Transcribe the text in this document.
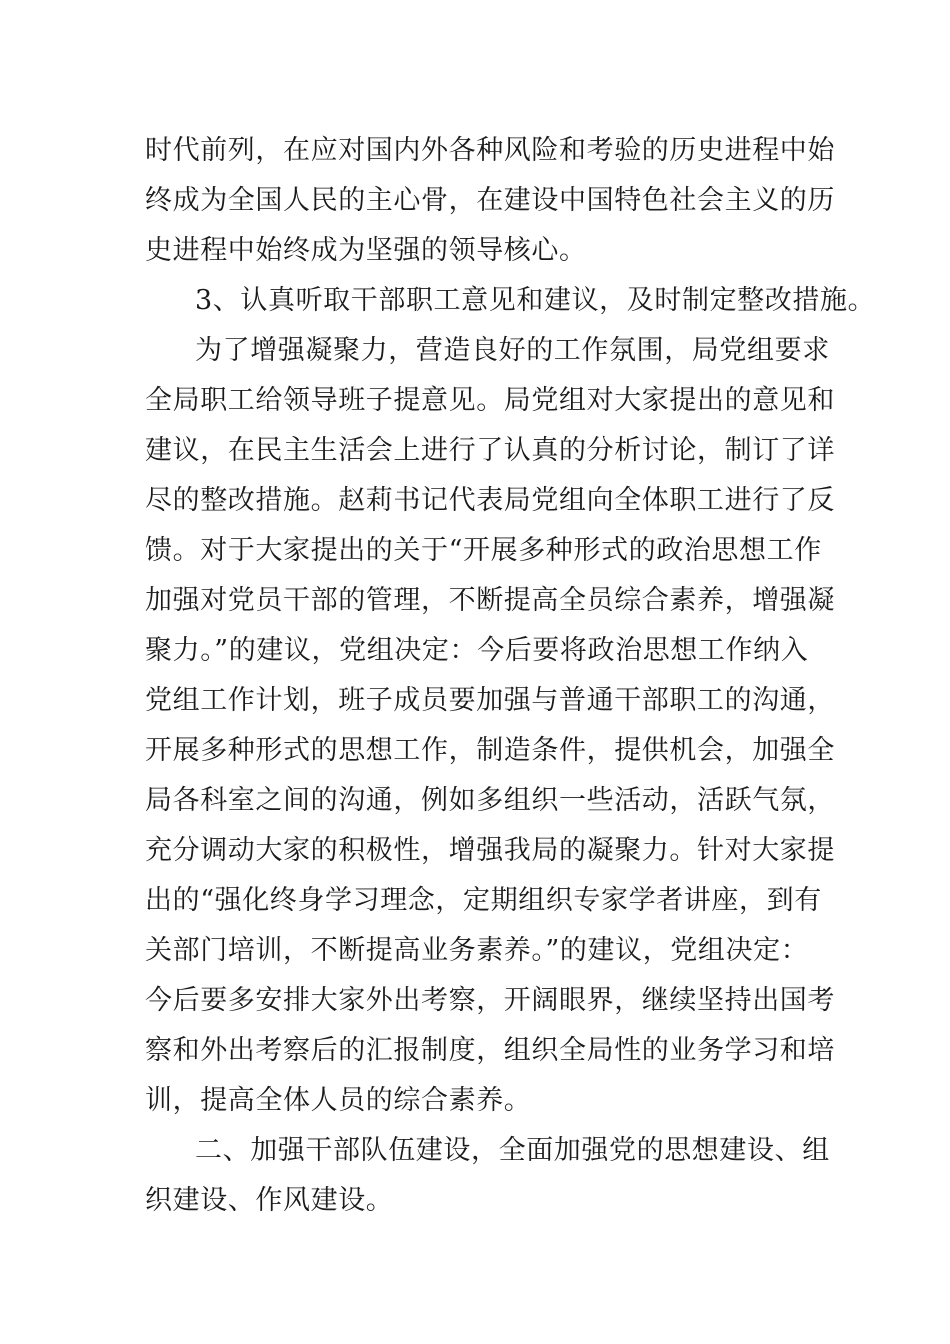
时代前列，在应对国内外各种风险和考验的历史进程中始
终成为全国人民的主心骨，在建设中国特色社会主义的历
史进程中始终成为坚强的领导核心。
3、认真听取干部职工意见和建议，及时制定整改措施。
为了增强凝聚力，营造良好的工作氛围，局党组要求
全局职工给领导班子提意见。局党组对大家提出的意见和
建议，在民主生活会上进行了认真的分析讨论，制订了详
尽的整改措施。赵莉书记代表局党组向全体职工进行了反
馈。对于大家提出的关于“开展多种形式的政治思想工作
加强对党员干部的管理，不断提高全员综合素养，增强凝
聚力。”的建议，党组决定：今后要将政治思想工作纳入
党组工作计划，班子成员要加强与普通干部职工的沟通，
开展多种形式的思想工作，制造条件，提供机会，加强全
局各科室之间的沟通，例如多组织一些活动，活跃气氛，
充分调动大家的积极性，增强我局的凝聚力。针对大家提
出的“强化终身学习理念，定期组织专家学者讲座，到有
关部门培训，不断提高业务素养。”的建议，党组决定：
今后要多安排大家外出考察，开阔眼界，继续坚持出国考
察和外出考察后的汇报制度，组织全局性的业务学习和培
训，提高全体人员的综合素养。
二、加强干部队伍建设，全面加强党的思想建设、组
织建设、作风建设。
